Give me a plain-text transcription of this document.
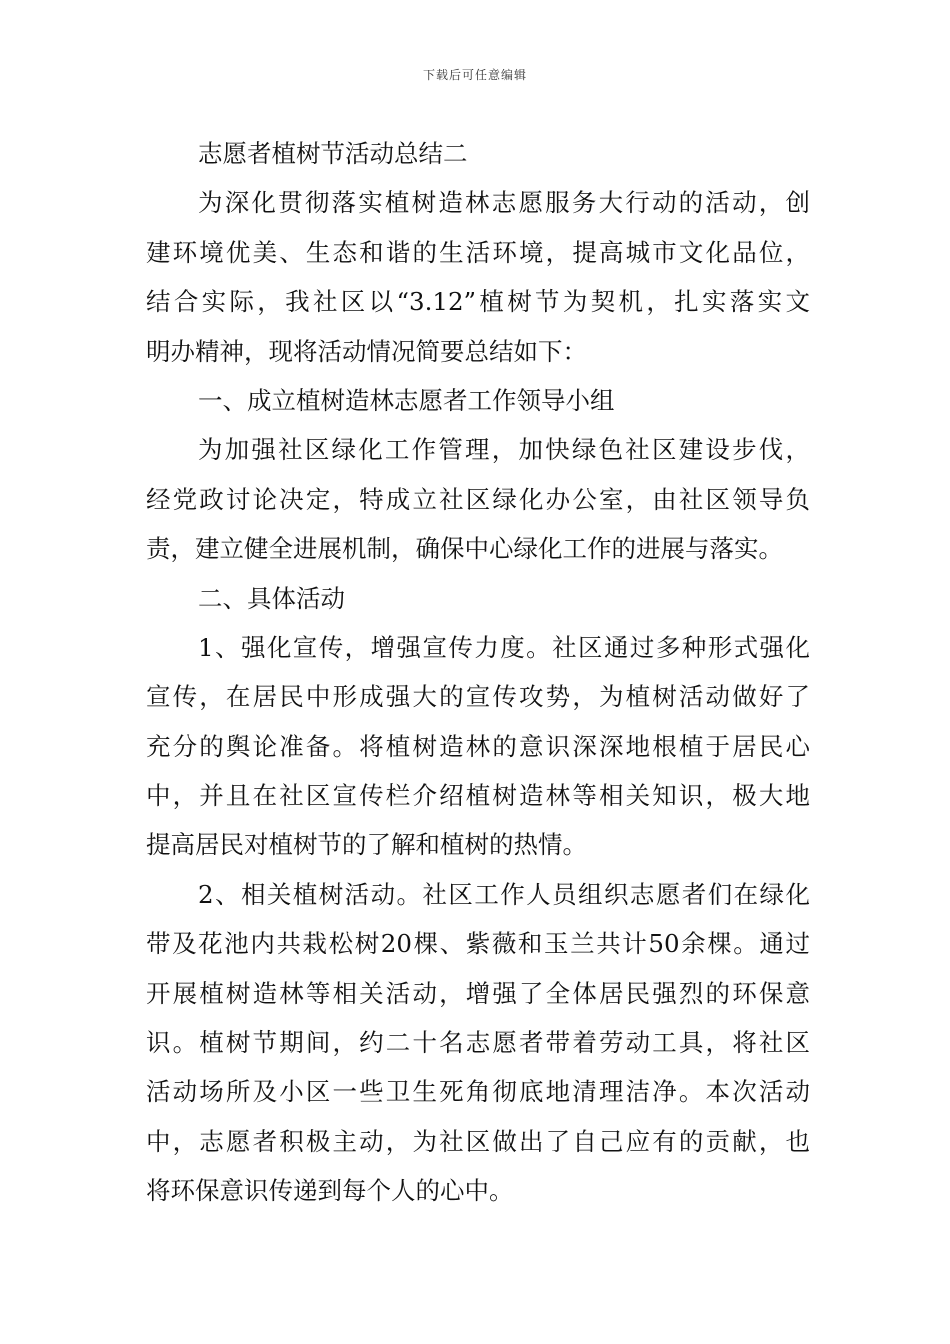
下载后可任意编辑
志愿者植树节活动总结二
为深化贯彻落实植树造林志愿服务大行动的活动，创
建环境优美、生态和谐的生活环境，提高城市文化品位，
结合实际，我社区以“3.12”植树节为契机，扎实落实文
明办精神，现将活动情况简要总结如下：
一、成立植树造林志愿者工作领导小组
为加强社区绿化工作管理，加快绿色社区建设步伐，
经党政讨论决定，特成立社区绿化办公室，由社区领导负
责，建立健全进展机制，确保中心绿化工作的进展与落实。
二、具体活动
1、强化宣传，增强宣传力度。社区通过多种形式强化
宣传，在居民中形成强大的宣传攻势，为植树活动做好了
充分的舆论准备。将植树造林的意识深深地根植于居民心
中，并且在社区宣传栏介绍植树造林等相关知识，极大地
提高居民对植树节的了解和植树的热情。
2、相关植树活动。社区工作人员组织志愿者们在绿化
带及花池内共栽松树20棵、紫薇和玉兰共计50余棵。通过
开展植树造林等相关活动，增强了全体居民强烈的环保意
识。植树节期间，约二十名志愿者带着劳动工具，将社区
活动场所及小区一些卫生死角彻底地清理洁净。本次活动
中，志愿者积极主动，为社区做出了自己应有的贡献，也
将环保意识传递到每个人的心中。
